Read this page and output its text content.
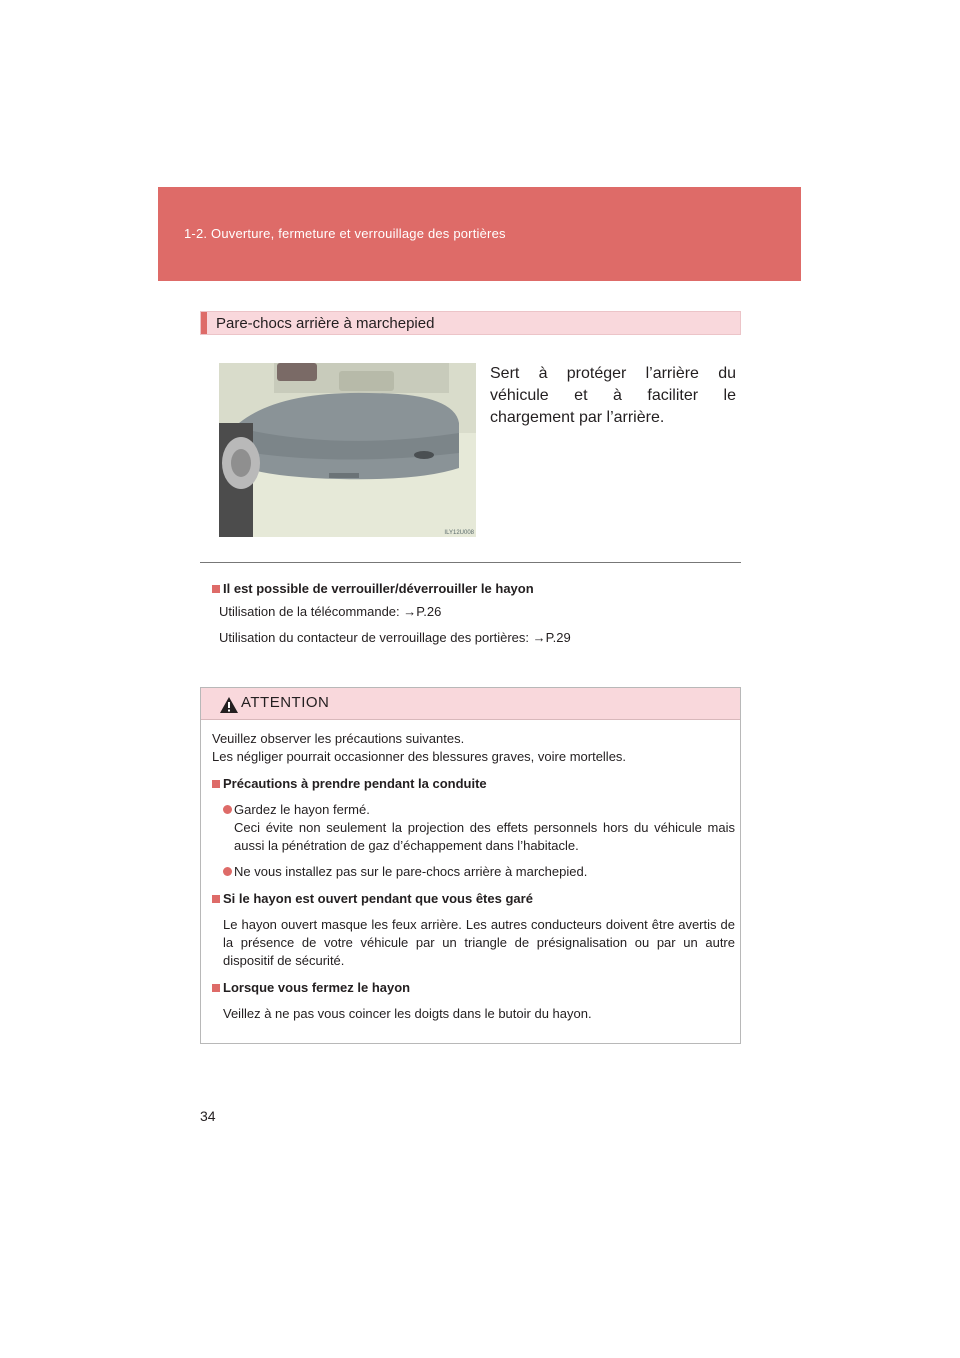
1-2. Ouverture, fermeture et verrouillage des portières
Pare-chocs arrière à marchepied
ILY12U008
Sert à protéger l’arrière du véhicule et à faciliter le chargement par l’arrière.
Il est possible de verrouiller/déverrouiller le hayon
Utilisation de la télécommande: →P.26
Utilisation du contacteur de verrouillage des portières: →P.29
ATTENTION

Veuillez observer les précautions suivantes.

Les négliger pourrait occasionner des blessures graves, voire mortelles.

Précautions à prendre pendant la conduite

Gardez le hayon fermé.

Ceci évite non seulement la projection des effets personnels hors du véhicule mais aussi la pénétration de gaz d’échappement dans l’habitacle.

Ne vous installez pas sur le pare-chocs arrière à marchepied.

Si le hayon est ouvert pendant que vous êtes garé

Le hayon ouvert masque les feux arrière. Les autres conducteurs doivent être avertis de la présence de votre véhicule par un triangle de présignalisation ou par un autre dispositif de sécurité.

Lorsque vous fermez le hayon

Veillez à ne pas vous coincer les doigts dans le butoir du hayon.

34
